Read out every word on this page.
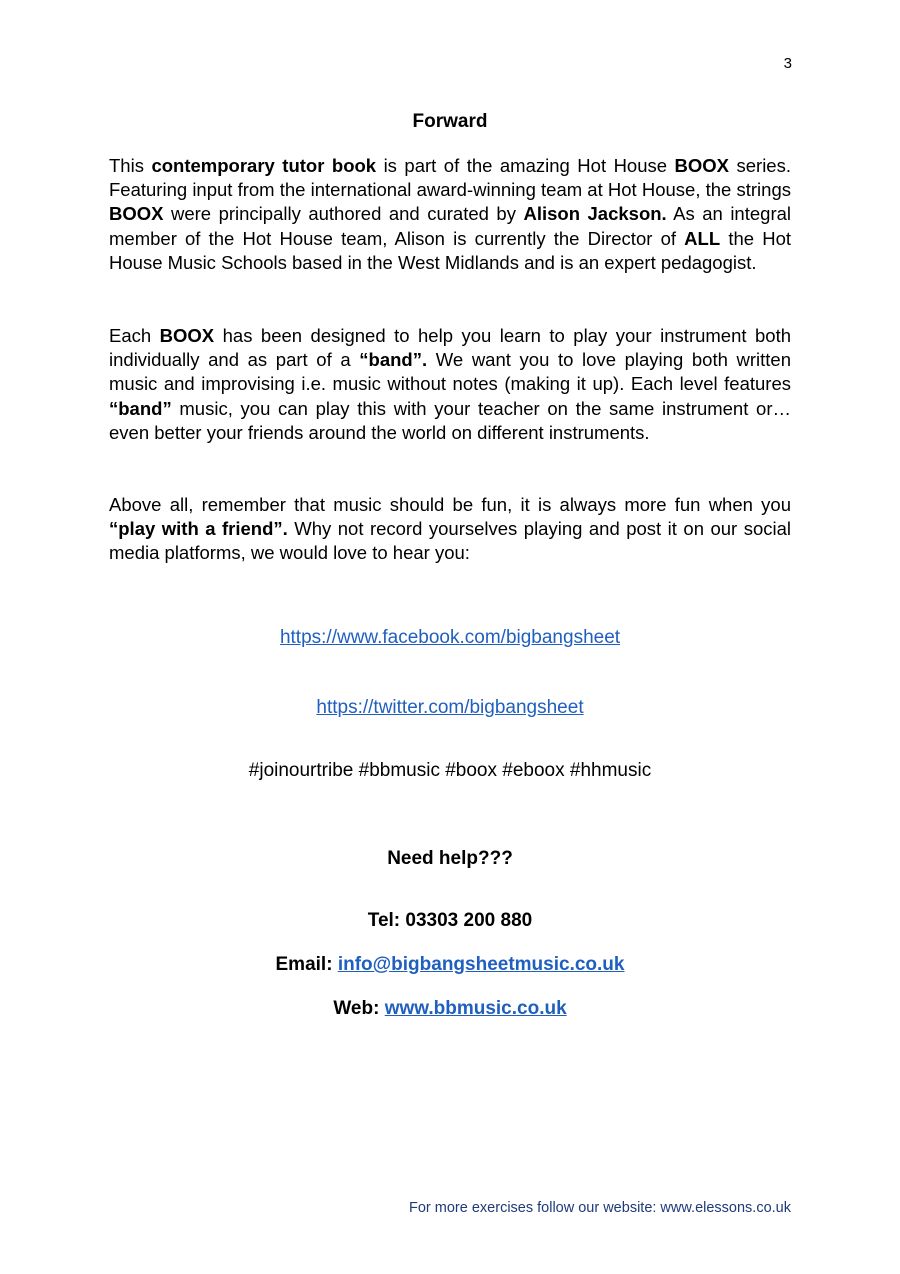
3
Forward

This contemporary tutor book is part of the amazing Hot House BOOX series. Featuring input from the international award-winning team at Hot House, the strings BOOX were principally authored and curated by Alison Jackson. As an integral member of the Hot House team, Alison is currently the Director of ALL the Hot House Music Schools based in the West Midlands and is an expert pedagogist.

Each BOOX has been designed to help you learn to play your instrument both individually and as part of a “band”. We want you to love playing both written music and improvising i.e. music without notes (making it up). Each level features “band” music, you can play this with your teacher on the same instrument or… even better your friends around the world on different instruments.

Above all, remember that music should be fun, it is always more fun when you “play with a friend”. Why not record yourselves playing and post it on our social media platforms, we would love to hear you:

https://www.facebook.com/bigbangsheet
https://twitter.com/bigbangsheet
#joinourtribe #bbmusic #boox #eboox #hhmusic
Need help???
Tel: 03303 200 880
Email: info@bigbangsheetmusic.co.uk
Web: www.bbmusic.co.uk
For more exercises follow our website: www.elessons.co.uk
